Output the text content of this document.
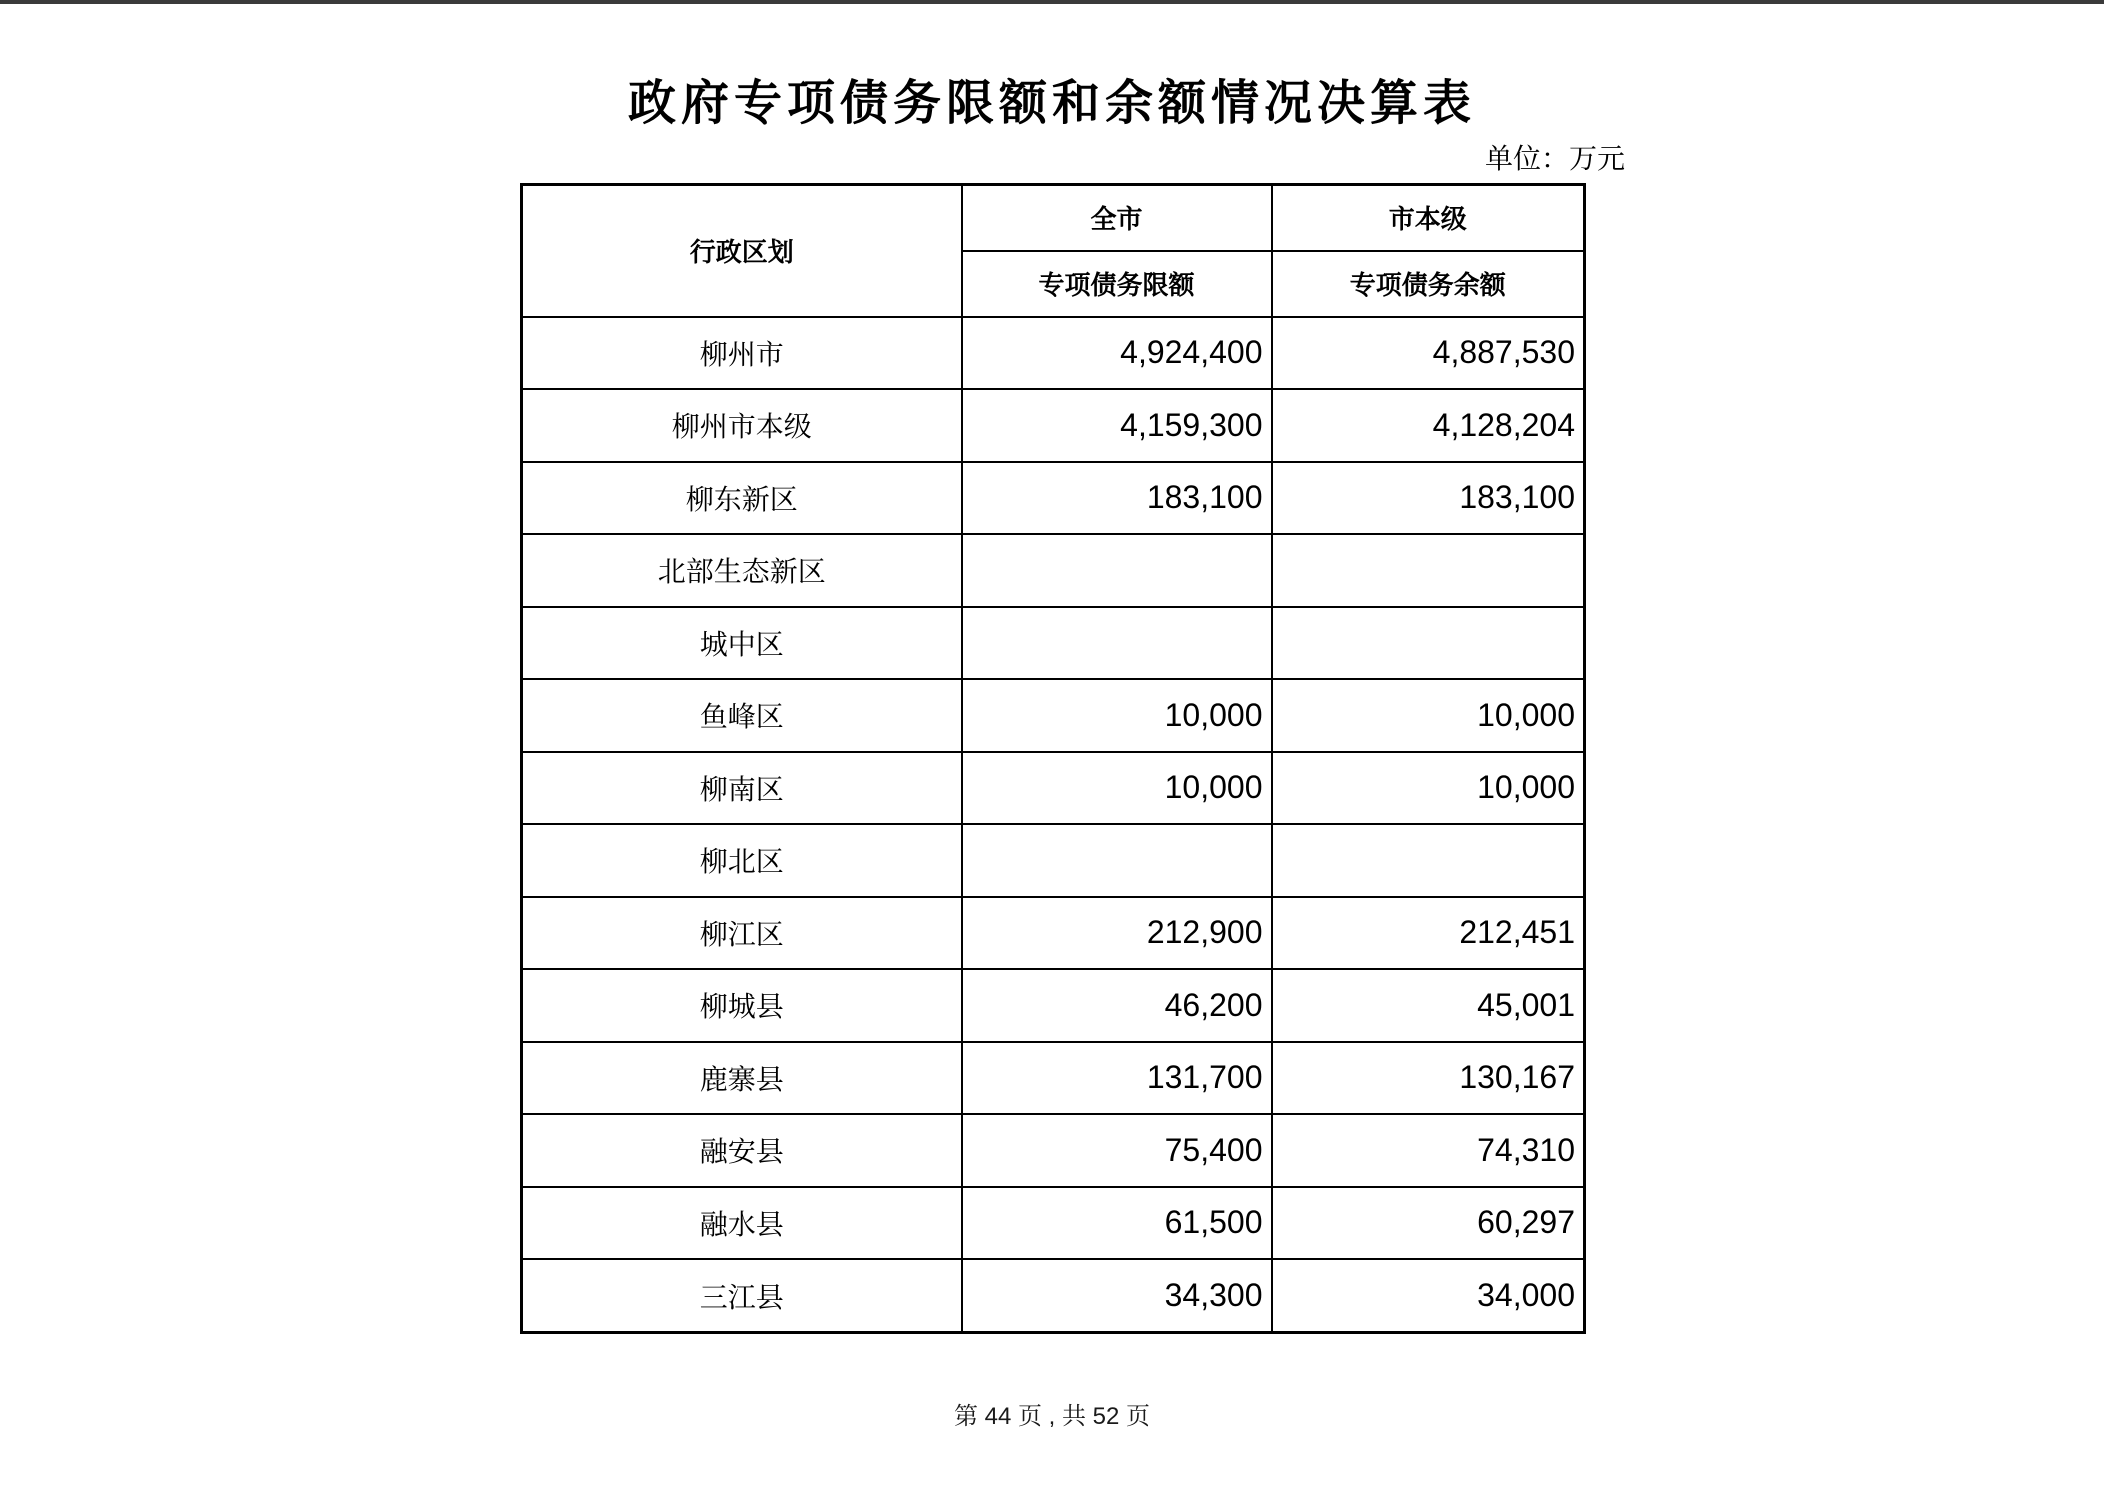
政府专项债务限额和余额情况决算表
单位：万元
行政区划	全市	市本级
	专项债务限额	专项债务余额
柳州市	4,924,400	4,887,530
柳州市本级	4,159,300	4,128,204
柳东新区	183,100	183,100
北部生态新区		
城中区		
鱼峰区	10,000	10,000
柳南区	10,000	10,000
柳北区		
柳江区	212,900	212,451
柳城县	46,200	45,001
鹿寨县	131,700	130,167
融安县	75,400	74,310
融水县	61,500	60,297
三江县	34,300	34,000
第 44 页 , 共 52 页
